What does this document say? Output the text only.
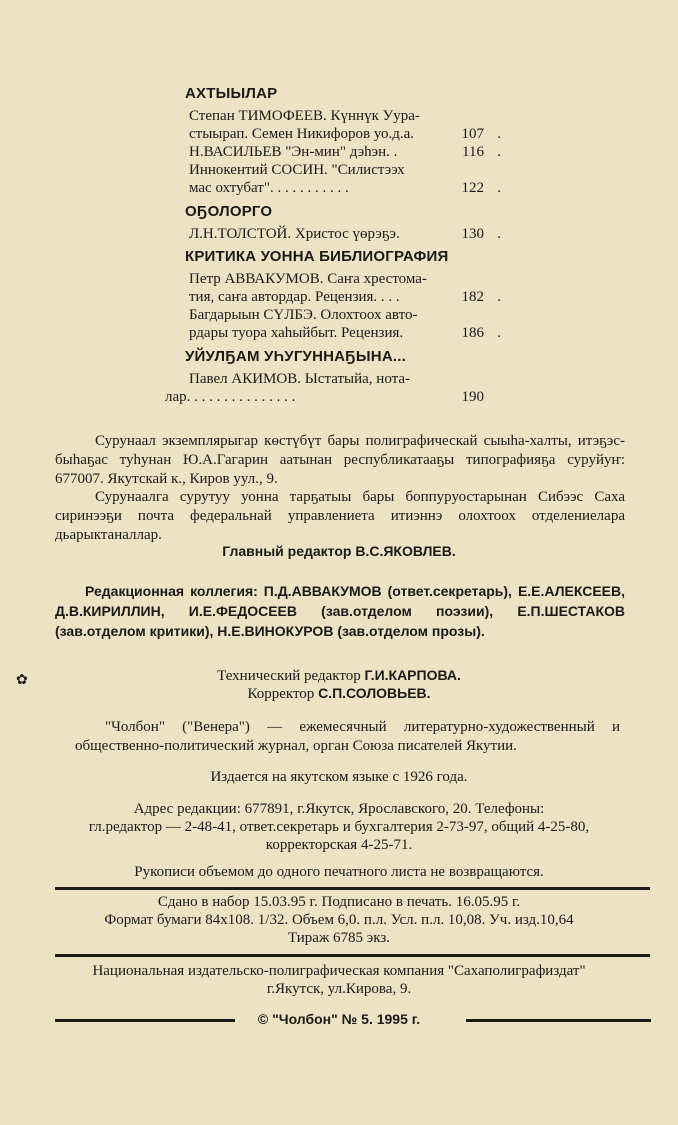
АХТЫЫЛАР
Степан ТИМОФЕЕВ. Күннүк Уура-
стыырап. Семен Никифоров уо.д.а.	107 .
Н.ВАСИЛЬЕВ "Эн-мин" дэһэн. .	116 .
Иннокентий СОСИН. "Силистээх
мас охтубат". . . . . . . . . . .	122 .
ОҔОЛОРГО
Л.Н.ТОЛСТОЙ. Христос үөрэҕэ.	130 .
КРИТИКА УОННА БИБЛИОГРАФИЯ
Петр АВВАКУМОВ. Саҥа хрестома-
тия, саҥа автордар. Рецензия. . . .	182 .
Багдарыын СҮЛБЭ. Олохтоох авто-
рдары туора хаһыйбыт. Рецензия.	186 .
УЙУЛҔАМ УҺУГУННАҔЫНА...
Павел АКИМОВ. Ыстатыйа, нота-
лар. . . . . . . . . . . . . . .	190
Сурунаал экземплярыгар көстүбүт бары полиграфическай сыыһа-халты, итэҕэс-быһаҕас туһунан Ю.А.Гагарин аатынан республикатааҕы типографияҕа суруйуҥ: 677007. Якутскай к., Киров уул., 9.
Сурунаалга сурутуу уонна тарҕатыы бары боппуруостарынан Сибээс Саха сиринээҕи почта федеральнай управлениета итиэннэ олохтоох отделениелара дьарыктаналлар.
Главный редактор В.С.ЯКОВЛЕВ.
Редакционная коллегия: П.Д.АВВАКУМОВ (ответ.секретарь), Е.Е.АЛЕКСЕЕВ, Д.В.КИРИЛЛИН, И.Е.ФЕДОСЕЕВ (зав.отделом поэзии), Е.П.ШЕСТАКОВ (зав.отделом критики), Н.Е.ВИНОКУРОВ (зав.отделом прозы).
Технический редактор Г.И.КАРПОВА.
Корректор С.П.СОЛОВЬЕВ.
✿
"Чолбон" ("Венера") — ежемесячный литературно-художественный и общественно-политический журнал, орган Союза писателей Якутии.
Издается на якутском языке с 1926 года.
Адрес редакции: 677891, г.Якутск, Ярославского, 20. Телефоны:
гл.редактор — 2-48-41, ответ.секретарь и бухгалтерия 2-73-97, общий 4-25-80,
корректорская 4-25-71.
Рукописи объемом до одного печатного листа не возвращаются.
Сдано в набор 15.03.95 г. Подписано в печать. 16.05.95 г.
Формат бумаги 84х108. 1/32. Объем 6,0. п.л. Усл. п.л. 10,08. Уч. изд.10,64
Тираж 6785 экз.
Национальная издательско-полиграфическая компания "Сахаполиграфиздат"
г.Якутск, ул.Кирова, 9.
© "Чолбон" № 5. 1995 г.
